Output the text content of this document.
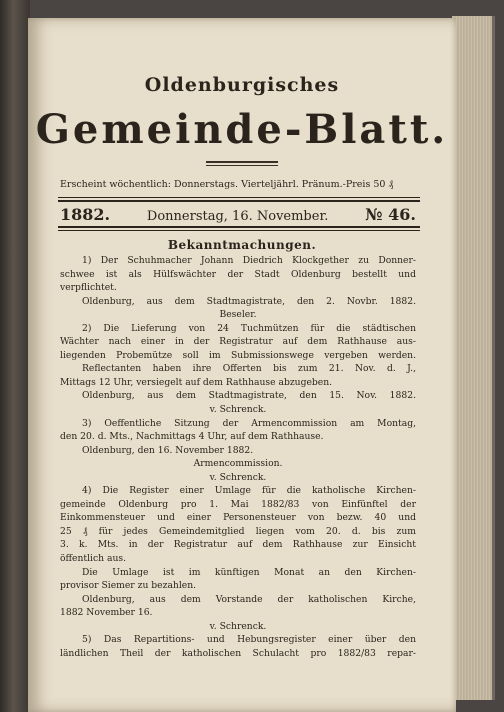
Oldenburgisches
Gemeinde-Blatt.
Erscheint wöchentlich: Donnerstags. Vierteljährl. Pränum.-Preis 50 ₰
1882.	Donnerstag, 16. November. № 46.
Bekanntmachungen.
1) Der Schuhmacher Johann Diedrich Klockgether zu Donner-
schwee ist als Hülfswächter der Stadt Oldenburg bestellt und
verpflichtet.
Oldenburg, aus dem Stadtmagistrate, den 2. Novbr. 1882.
Beseler.
2) Die Lieferung von 24 Tuchmützen für die städtischen
Wächter nach einer in der Registratur auf dem Rathhause aus-
liegenden Probemütze soll im Submissionswege vergeben werden.
Reflectanten haben ihre Offerten bis zum 21. Nov. d. J.,
Mittags 12 Uhr, versiegelt auf dem Rathhause abzugeben.
Oldenburg, aus dem Stadtmagistrate, den 15. Nov. 1882.
v. Schrenck.
3) Oeffentliche Sitzung der Armencommission am Montag,
den 20. d. Mts., Nachmittags 4 Uhr, auf dem Rathhause.
Oldenburg, den 16. November 1882.
Armencommission.
v. Schrenck.
4) Die Register einer Umlage für die katholische Kirchen-
gemeinde Oldenburg pro 1. Mai 1882/83 von Einfünftel der
Einkommensteuer und einer Personensteuer von bezw. 40 und
25 ₰ für jedes Gemeindemitglied liegen vom 20. d. bis zum
3. k. Mts. in der Registratur auf dem Rathhause zur Einsicht
öffentlich aus.
Die Umlage ist im künftigen Monat an den Kirchen-
provisor Siemer zu bezahlen.
Oldenburg, aus dem Vorstande der katholischen Kirche,
1882 November 16.
v. Schrenck.
5) Das Repartitions- und Hebungsregister einer über den
ländlichen Theil der katholischen Schulacht pro 1882/83 repar-
